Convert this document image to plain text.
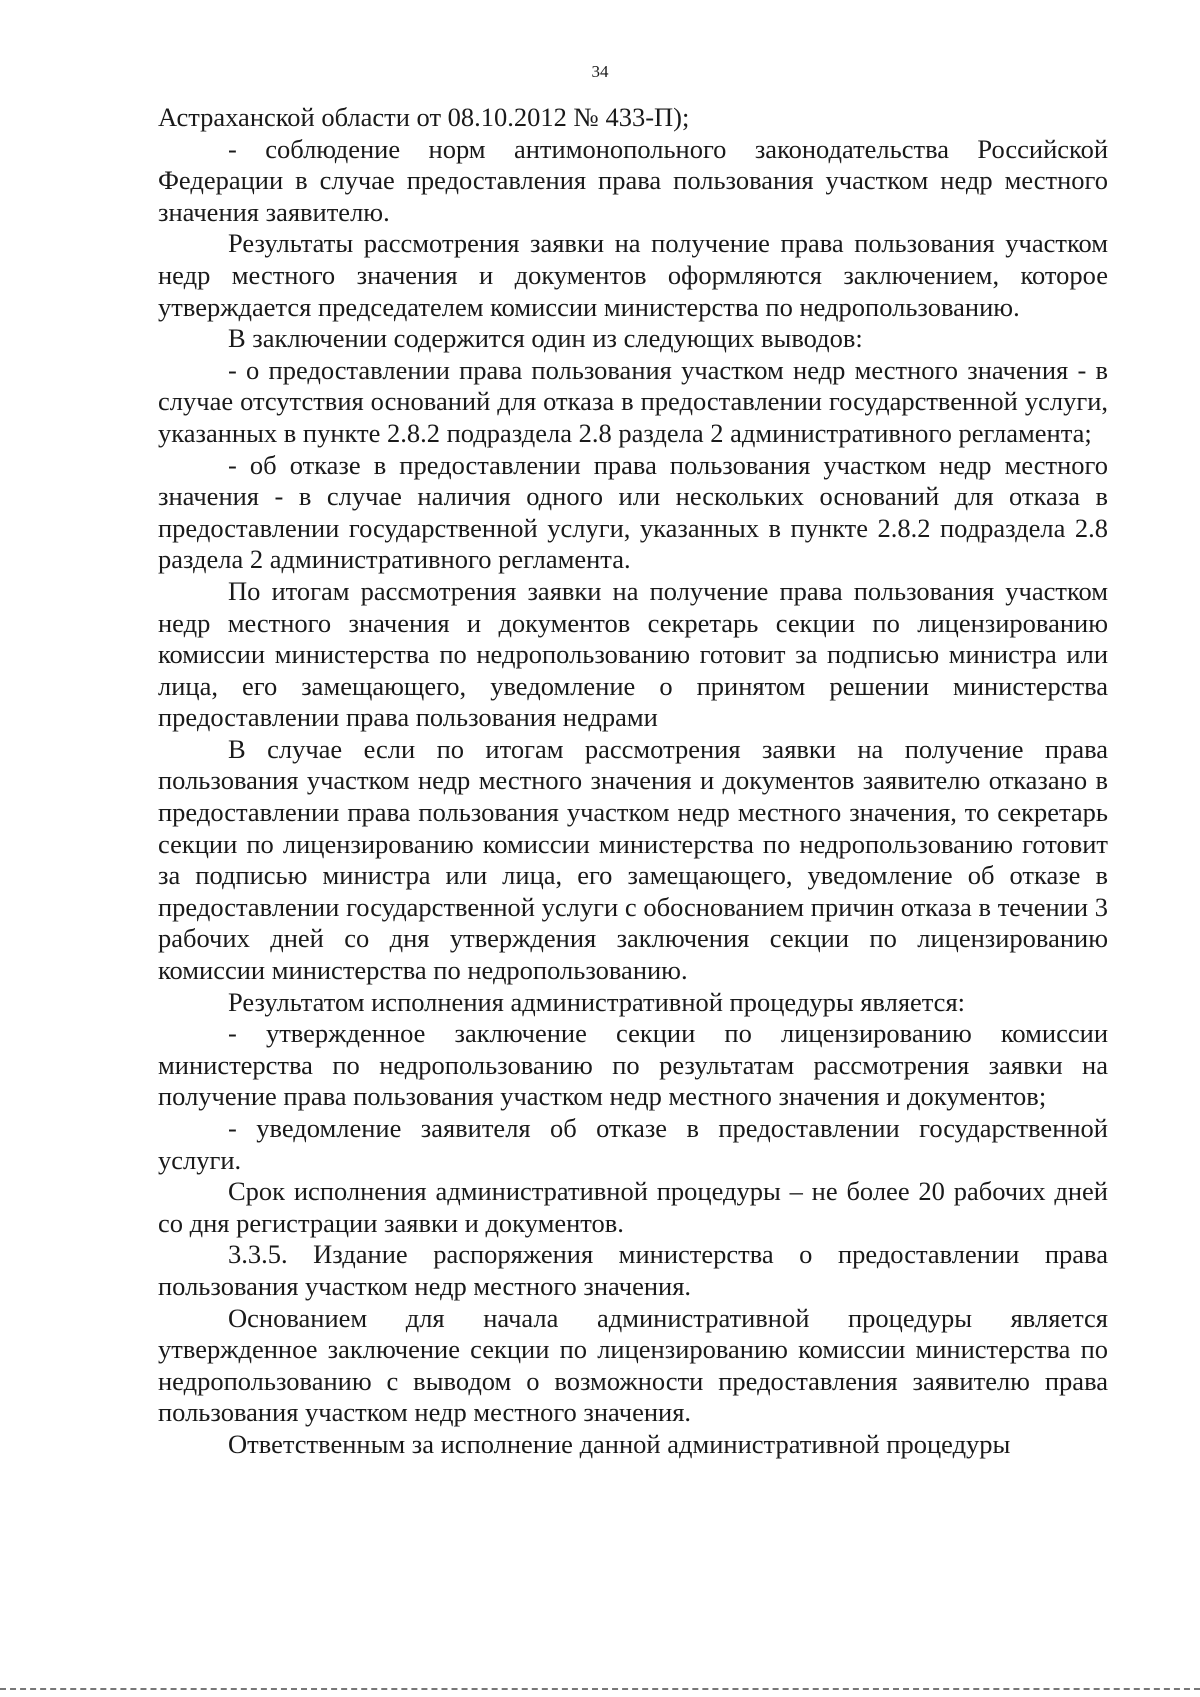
34

Астраханской области от 08.10.2012 № 433-П);

- соблюдение норм антимонопольного законодательства Российской Федерации в случае предоставления права пользования участком недр местного значения заявителю.

Результаты рассмотрения заявки на получение права пользования участком недр местного значения и документов оформляются заключением, которое утверждается председателем комиссии министерства по недропользованию.

В заключении содержится один из следующих выводов:

- о предоставлении права пользования участком недр местного значения - в случае отсутствия оснований для отказа в предоставлении государственной услуги, указанных в пункте 2.8.2 подраздела 2.8 раздела 2 административного регламента;

- об отказе в предоставлении права пользования участком недр местного значения - в случае наличия одного или нескольких оснований для отказа в предоставлении государственной услуги, указанных в пункте 2.8.2 подраздела 2.8 раздела 2 административного регламента.

По итогам рассмотрения заявки на получение права пользования участком недр местного значения и документов секретарь секции по лицензированию комиссии министерства по недропользованию готовит за подписью министра или лица, его замещающего, уведомление о принятом решении министерства предоставлении права пользования недрами

В случае если по итогам рассмотрения заявки на получение права пользования участком недр местного значения и документов заявителю отказано в предоставлении права пользования участком недр местного значения, то секретарь секции по лицензированию комиссии министерства по недропользованию готовит за подписью министра или лица, его замещающего, уведомление об отказе в предоставлении государственной услуги с обоснованием причин отказа в течении 3 рабочих дней со дня утверждения заключения секции по лицензированию комиссии министерства по недропользованию.

Результатом исполнения административной процедуры является:

- утвержденное заключение секции по лицензированию комиссии министерства по недропользованию по результатам рассмотрения заявки на получение права пользования участком недр местного значения и документов;

- уведомление заявителя об отказе в предоставлении государственной услуги.

Срок исполнения административной процедуры – не более 20 рабочих дней со дня регистрации заявки и документов.

3.3.5. Издание распоряжения министерства о предоставлении права пользования участком недр местного значения.

Основанием для начала административной процедуры является утвержденное заключение секции по лицензированию комиссии министерства по недропользованию с выводом о возможности предоставления заявителю права пользования участком недр местного значения.

Ответственным за исполнение данной административной процедуры
